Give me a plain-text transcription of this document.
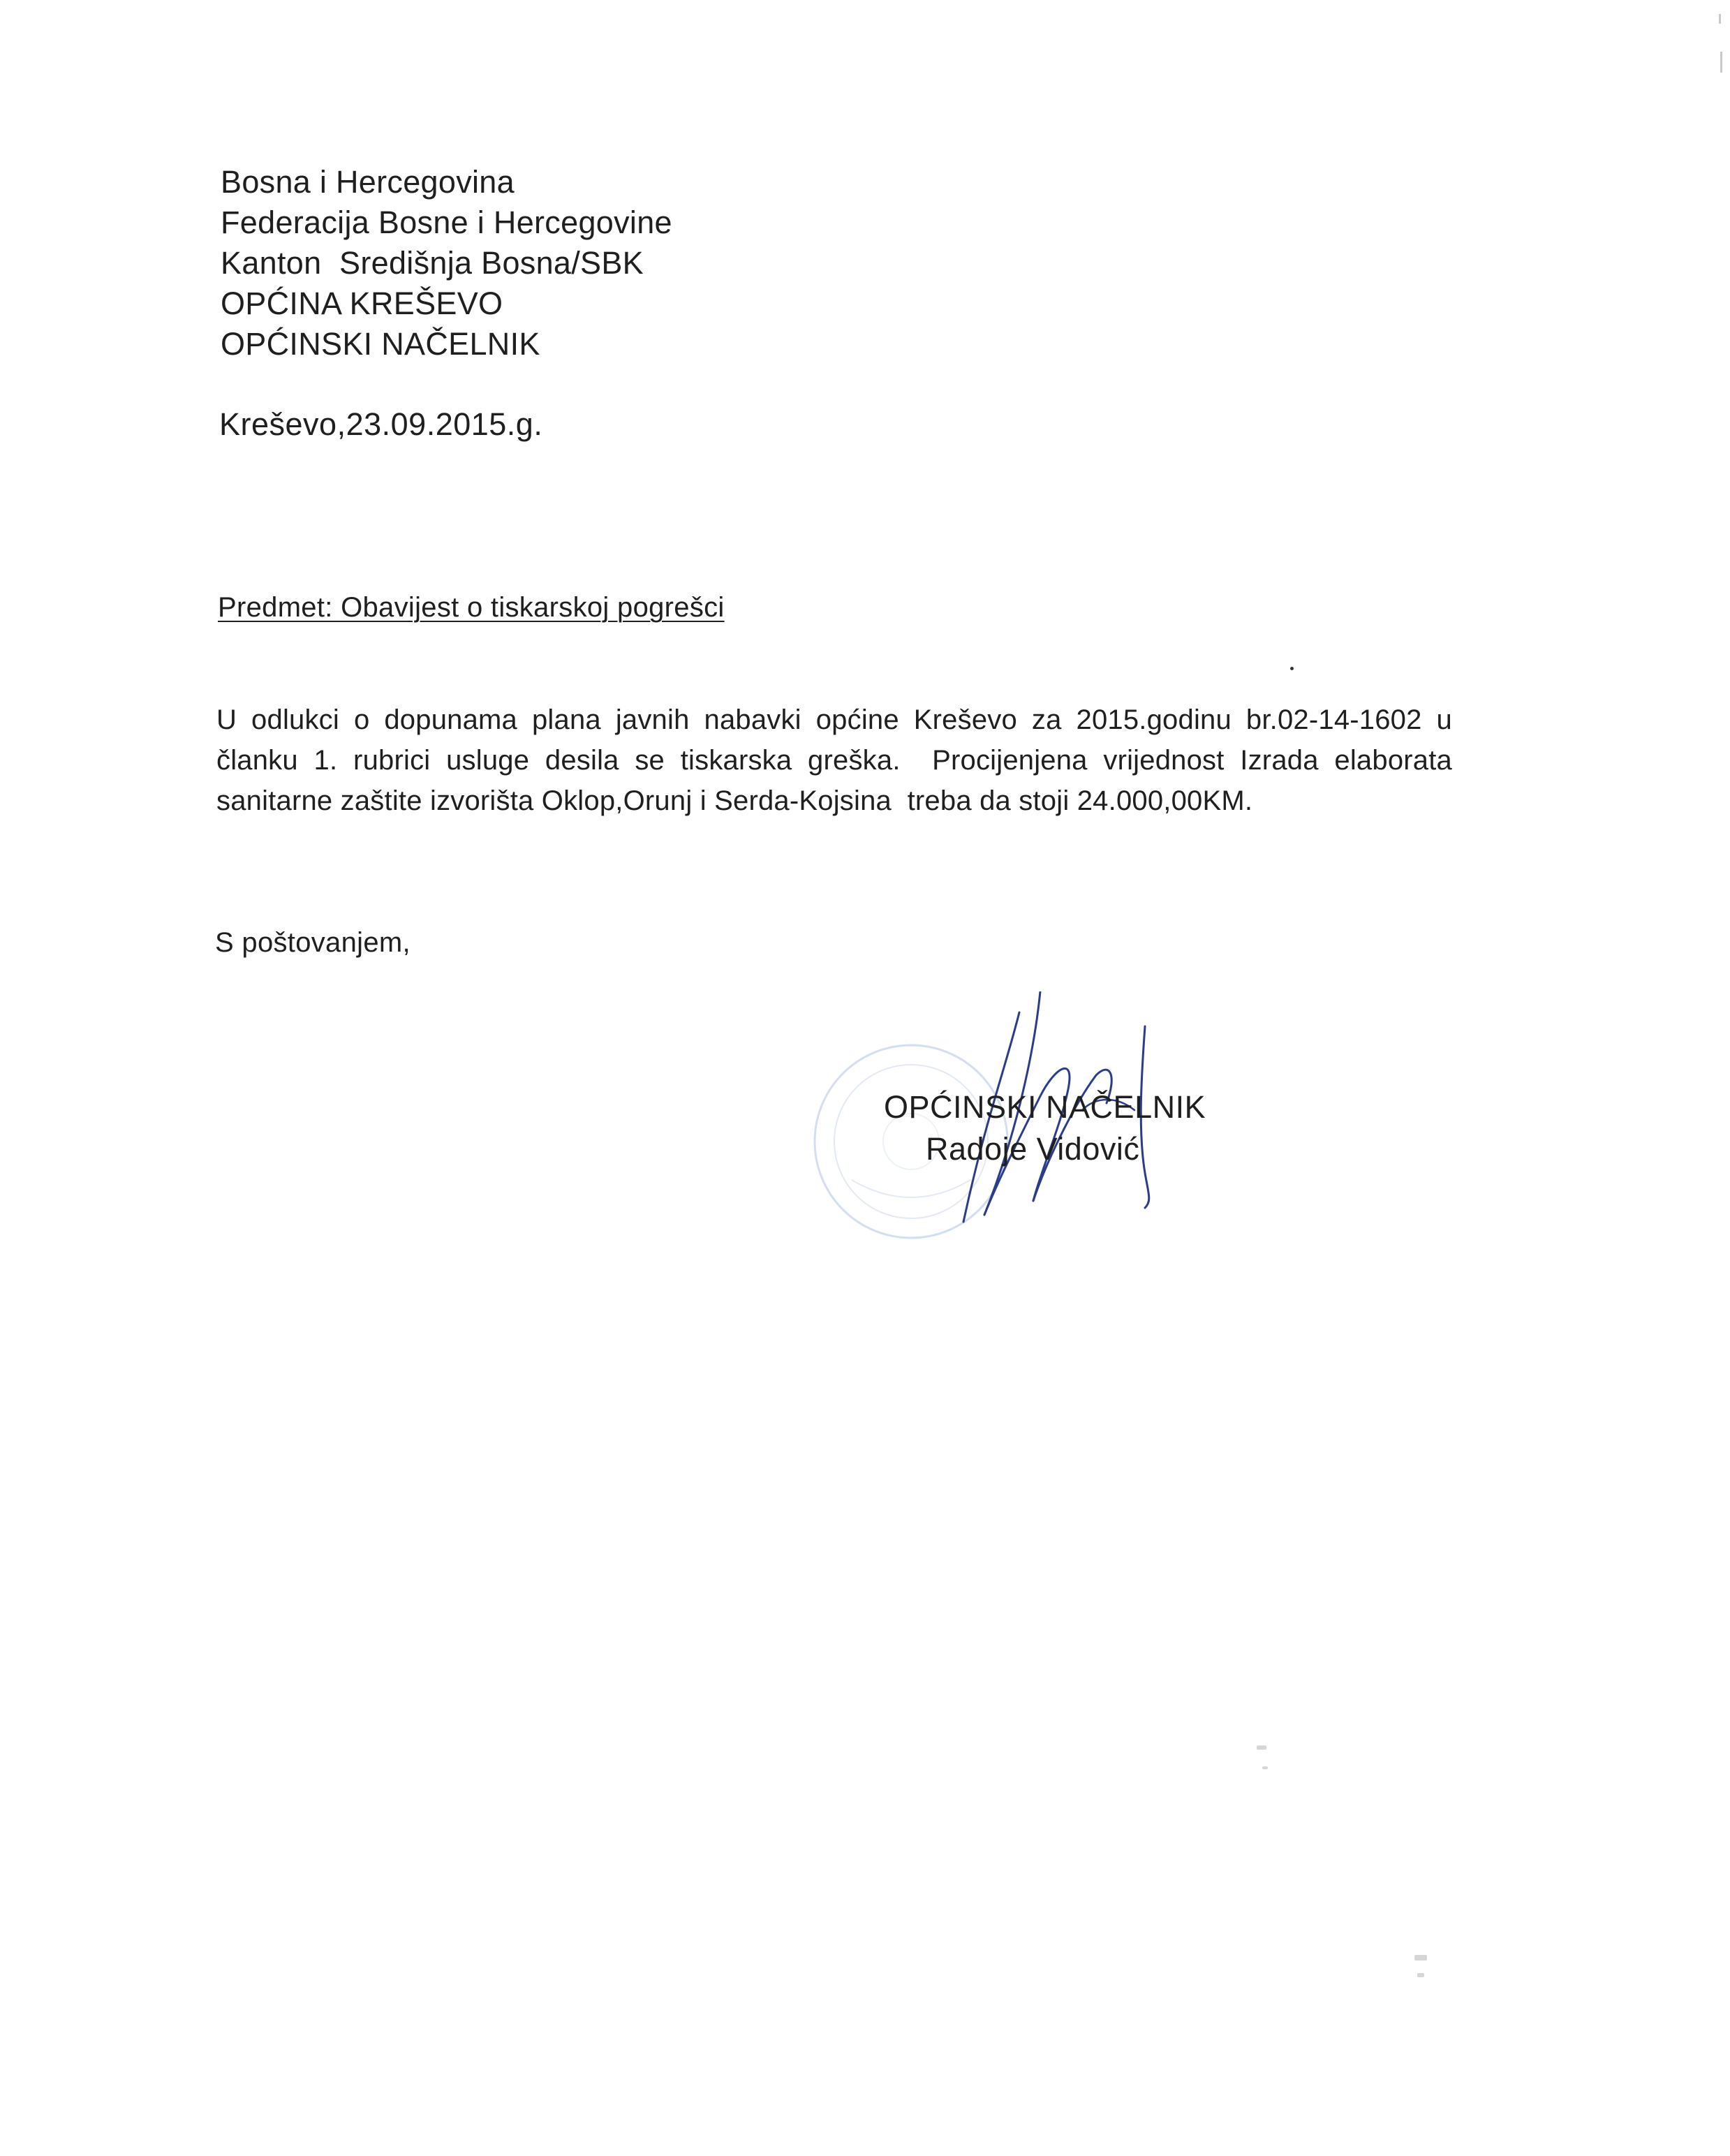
Bosna i Hercegovina
Federacija Bosne i Hercegovine
Kanton  Središnja Bosna/SBK
OPĆINA KREŠEVO
OPĆINSKI NAČELNIK
Kreševo,23.09.2015.g.
Predmet: Obavijest o tiskarskoj pogrešci
U odlukci o dopunama plana javnih nabavki općine Kreševo za 2015.godinu br.02-14-1602 u članku 1. rubrici usluge desila se tiskarska greška.  Procijenjena vrijednost Izrada elaborata sanitarne zaštite izvorišta Oklop,Orunj i Serda-Kojsina  treba da stoji 24.000,00KM.
S poštovanjem,
OPĆINSKI NAČELNIK
Radoje Vidović
